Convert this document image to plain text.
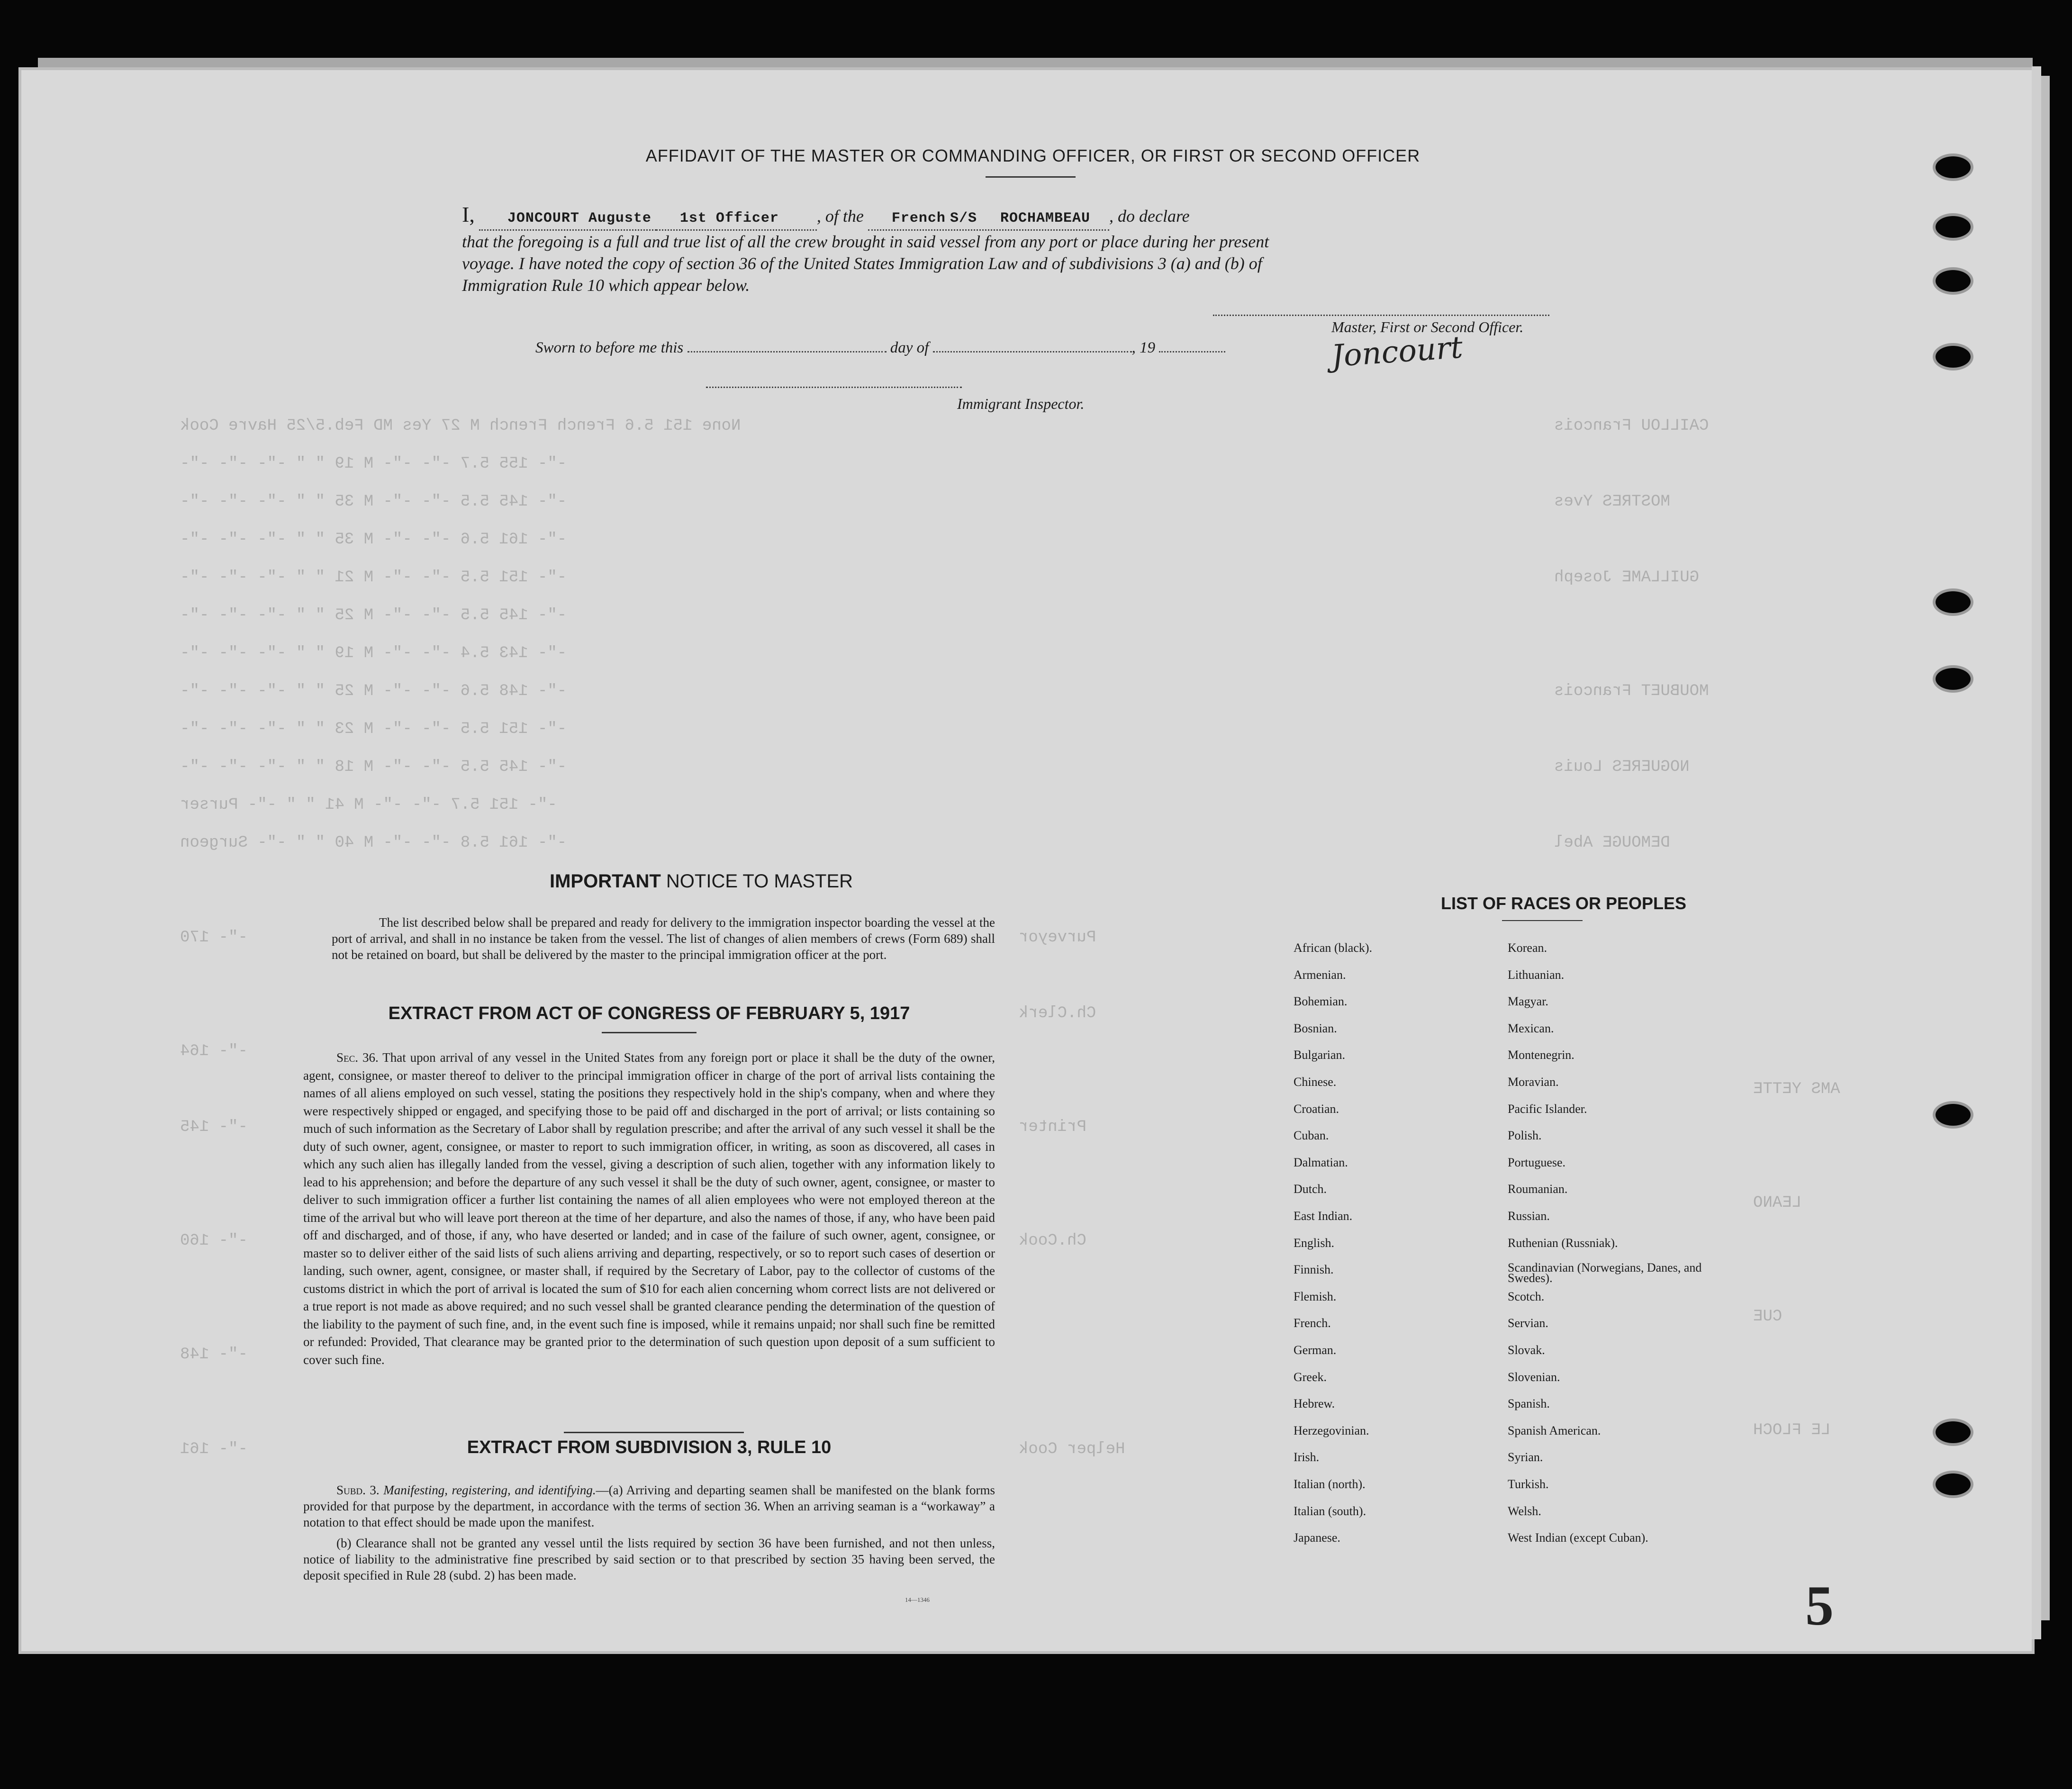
None 151 5.6 French French M 27 Yes MD Feb.5/25 Havre Cook
-"- 155 5.7 -"- -"- M 19 " " -"- -"- -"-
-"- 145 5.5 -"- -"- M 35 " " -"- -"- -"-
-"- 161 5.6 -"- -"- M 35 " " -"- -"- -"-
-"- 151 5.5 -"- -"- M 21 " " -"- -"- -"-
-"- 145 5.5 -"- -"- M 25 " " -"- -"- -"-
-"- 143 5.4 -"- -"- M 19 " " -"- -"- -"-
-"- 148 5.6 -"- -"- M 25 " " -"- -"- -"-
-"- 151 5.5 -"- -"- M 23 " " -"- -"- -"-
-"- 145 5.5 -"- -"- M 18 " " -"- -"- -"-
-"- 151 5.7 -"- -"- M 41 " " -"- Purser
-"- 161 5.8 -"- -"- M 40 " " -"- Surgeon
CAILLOU Francois
MOSTRES Yves
GUILLAME Joseph
MOUBUET Francois
NOGUERES Louis
DEMOUGE Abel
-"- 170
-"- 164
-"- 145
-"- 160
-"- 148
-"- 161
Purveyor
Ch.Clerk
Printer
Ch.Cook
Helper Cook
AMS YETTE
LEANO
CUE
LE FLOCH
AFFIDAVIT OF THE MASTER OR COMMANDING OFFICER, OR FIRST OR SECOND OFFICER
I, JONCOURT Auguste 1st Officer , of the French S/S ROCHAMBEAU , do declare
that the foregoing is a full and true list of all the crew brought in said vessel from any port or place during her present
voyage. I have noted the copy of section 36 of the United States Immigration Law and of subdivisions 3 (a) and (b) of
Immigration Rule 10 which appear below.
Master, First or Second Officer.
Joncourt
Sworn to before me this	day of	, 19
Immigrant Inspector.
IMPORTANT NOTICE TO MASTER
The list described below shall be prepared and ready for delivery to the immigration inspector boarding the vessel at the port of arrival, and shall in no instance be taken from the vessel. The list of changes of alien members of crews (Form 689) shall not be retained on board, but shall be delivered by the master to the principal immigration officer at the port.
EXTRACT FROM ACT OF CONGRESS OF FEBRUARY 5, 1917
Sec. 36. That upon arrival of any vessel in the United States from any foreign port or place it shall be the duty of the owner, agent, consignee, or master thereof to deliver to the principal immigration officer in charge of the port of arrival lists containing the names of all aliens employed on such vessel, stating the positions they respectively hold in the ship's company, when and where they were respectively shipped or engaged, and specifying those to be paid off and discharged in the port of arrival; or lists containing so much of such information as the Secretary of Labor shall by regulation prescribe; and after the arrival of any such vessel it shall be the duty of such owner, agent, consignee, or master to report to such immigration officer, in writing, as soon as discovered, all cases in which any such alien has illegally landed from the vessel, giving a description of such alien, together with any information likely to lead to his apprehension; and before the departure of any such vessel it shall be the duty of such owner, agent, consignee, or master to deliver to such immigration officer a further list containing the names of all alien employees who were not employed thereon at the time of the arrival but who will leave port thereon at the time of her departure, and also the names of those, if any, who have been paid off and discharged, and of those, if any, who have deserted or landed; and in case of the failure of such owner, agent, consignee, or master so to deliver either of the said lists of such aliens arriving and departing, respectively, or so to report such cases of desertion or landing, such owner, agent, consignee, or master shall, if required by the Secretary of Labor, pay to the collector of customs of the customs district in which the port of arrival is located the sum of $10 for each alien concerning whom correct lists are not delivered or a true report is not made as above required; and no such vessel shall be granted clearance pending the determination of the question of the liability to the payment of such fine, and, in the event such fine is imposed, while it remains unpaid; nor shall such fine be remitted or refunded: Provided, That clearance may be granted prior to the determination of such question upon deposit of a sum sufficient to cover such fine.
EXTRACT FROM SUBDIVISION 3, RULE 10
Subd. 3. Manifesting, registering, and identifying.—(a) Arriving and departing seamen shall be manifested on the blank forms provided for that purpose by the department, in accordance with the terms of section 36. When an arriving seaman is a “workaway” a notation to that effect should be made upon the manifest.
(b) Clearance shall not be granted any vessel until the lists required by section 36 have been furnished, and not then unless, notice of liability to the administrative fine prescribed by said section or to that prescribed by section 35 having been served, the deposit specified in Rule 28 (subd. 2) has been made.
14—1346
LIST OF RACES OR PEOPLES
African (black).
Armenian.
Bohemian.
Bosnian.
Bulgarian.
Chinese.
Croatian.
Cuban.
Dalmatian.
Dutch.
East Indian.
English.
Finnish.
Flemish.
French.
German.
Greek.
Hebrew.
Herzegovinian.
Irish.
Italian (north).
Italian (south).
Japanese.
Korean.
Lithuanian.
Magyar.
Mexican.
Montenegrin.
Moravian.
Pacific Islander.
Polish.
Portuguese.
Roumanian.
Russian.
Ruthenian (Russniak).
Scandinavian (Norwegians, Danes, and Swedes).
Scotch.
Servian.
Slovak.
Slovenian.
Spanish.
Spanish American.
Syrian.
Turkish.
Welsh.
West Indian (except Cuban).
5
